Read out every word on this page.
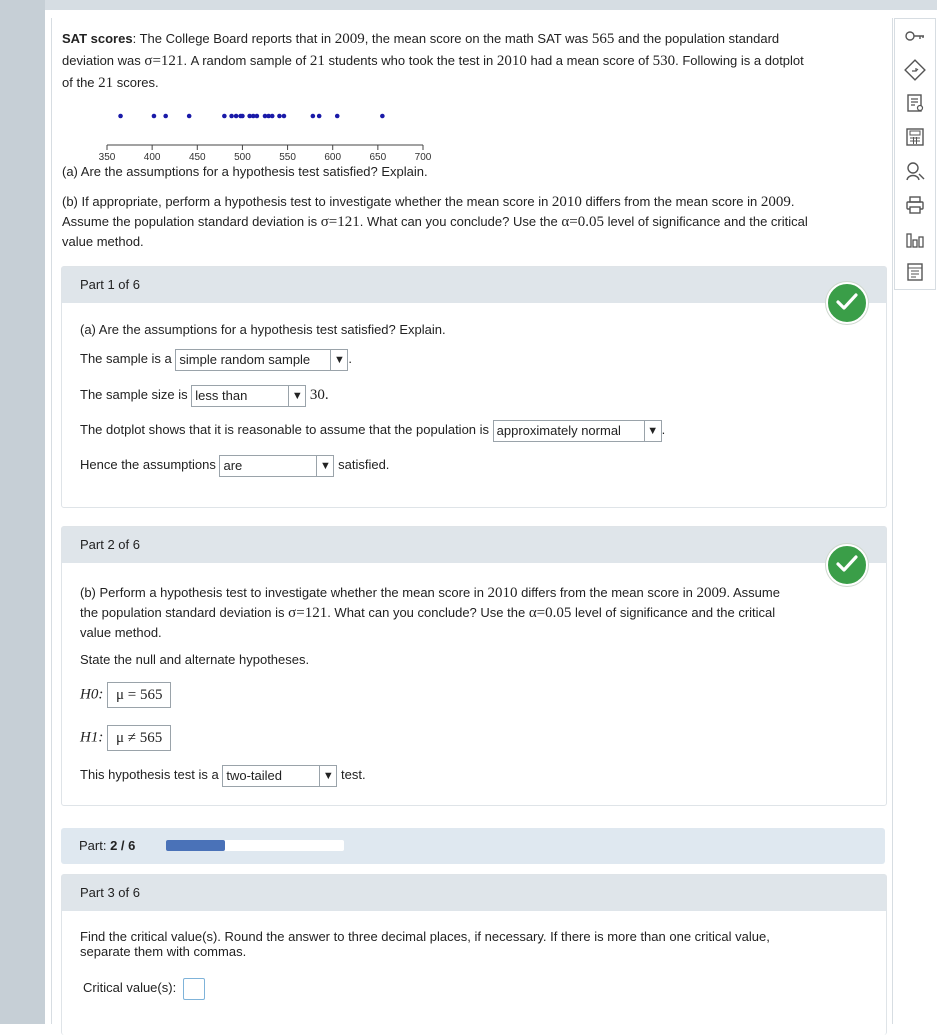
SAT scores: The College Board reports that in 2009, the mean score on the math SAT was 565 and the population standard
deviation was σ=121. A random sample of 21 students who took the test in 2010 had a mean score of 530. Following is a dotplot
of the 21 scores.
350	400	450	500	550	600	650	700
(a) Are the assumptions for a hypothesis test satisfied? Explain.
(b) If appropriate, perform a hypothesis test to investigate whether the mean score in 2010 differs from the mean score in 2009.
Assume the population standard deviation is σ=121. What can you conclude? Use the α=0.05 level of significance and the critical
value method.
Part 1 of 6
(a) Are the assumptions for a hypothesis test satisfied? Explain.
The sample is a simple random sample	▼ .
The sample size is less than	▼ 30.
The dotplot shows that it is reasonable to assume that the population is approximately normal	▼ .
Hence the assumptions are	▼ satisfied.
Part 2 of 6
(b) Perform a hypothesis test to investigate whether the mean score in 2010 differs from the mean score in 2009. Assume
the population standard deviation is σ=121. What can you conclude? Use the α=0.05 level of significance and the critical
value method.
State the null and alternate hypotheses.
H0: μ = 565
H1: μ ≠ 565
This hypothesis test is a two-tailed	▼ test.
Part: 2 / 6
Part 3 of 6
Find the critical value(s). Round the answer to three decimal places, if necessary. If there is more than one critical value,
separate them with commas.
Critical value(s):
